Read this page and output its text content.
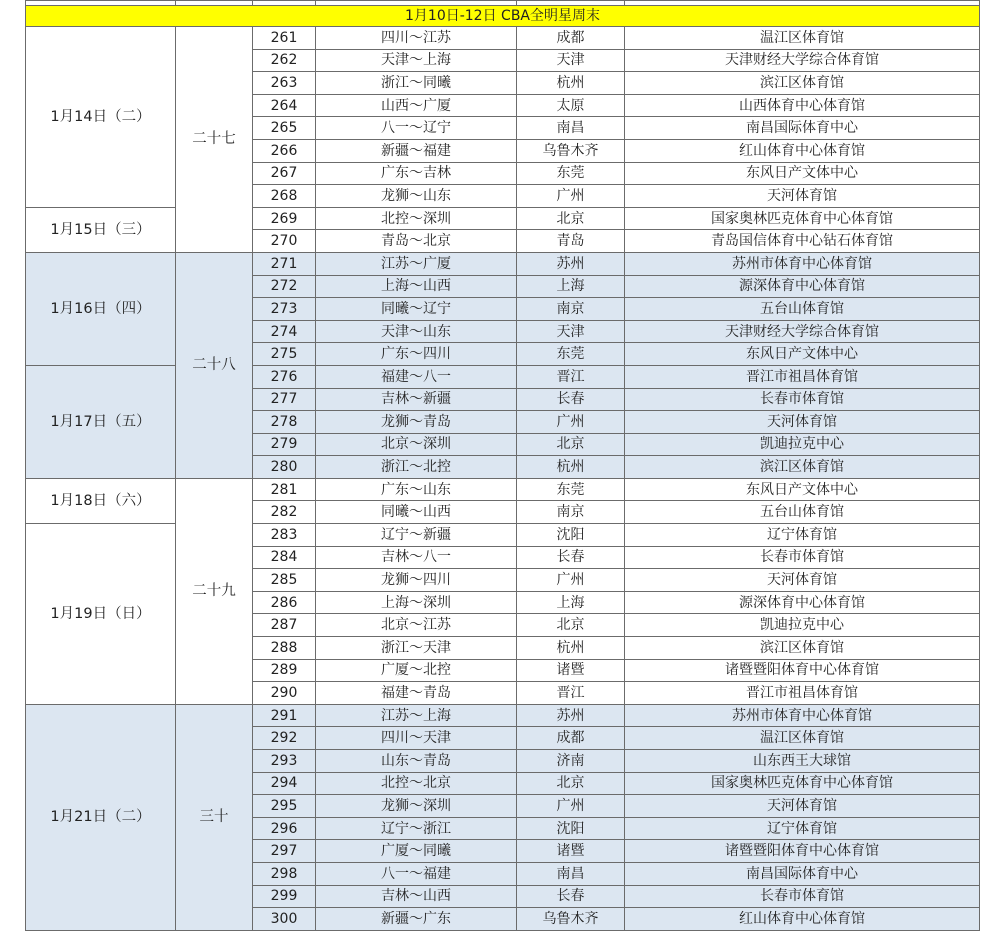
1月10日-12日 CBA全明星周末					
1月14日（二）	二十七	261	四川～江苏	成都	温江区体育馆
		262	天津～上海	天津	天津财经大学综合体育馆
		263	浙江～同曦	杭州	滨江区体育馆
		264	山西～广厦	太原	山西体育中心体育馆
		265	八一～辽宁	南昌	南昌国际体育中心
		266	新疆～福建	乌鲁木齐	红山体育中心体育馆
		267	广东～吉林	东莞	东风日产文体中心
		268	龙狮～山东	广州	天河体育馆
1月15日（三）		269	北控～深圳	北京	国家奥林匹克体育中心体育馆
		270	青岛～北京	青岛	青岛国信体育中心钻石体育馆
1月16日（四）	二十八	271	江苏～广厦	苏州	苏州市体育中心体育馆
		272	上海～山西	上海	源深体育中心体育馆
		273	同曦～辽宁	南京	五台山体育馆
		274	天津～山东	天津	天津财经大学综合体育馆
		275	广东～四川	东莞	东风日产文体中心
1月17日（五）		276	福建～八一	晋江	晋江市祖昌体育馆
		277	吉林～新疆	长春	长春市体育馆
		278	龙狮～青岛	广州	天河体育馆
		279	北京～深圳	北京	凯迪拉克中心
		280	浙江～北控	杭州	滨江区体育馆
1月18日（六）	二十九	281	广东～山东	东莞	东风日产文体中心
		282	同曦～山西	南京	五台山体育馆
1月19日（日）		283	辽宁～新疆	沈阳	辽宁体育馆
		284	吉林～八一	长春	长春市体育馆
		285	龙狮～四川	广州	天河体育馆
		286	上海～深圳	上海	源深体育中心体育馆
		287	北京～江苏	北京	凯迪拉克中心
		288	浙江～天津	杭州	滨江区体育馆
		289	广厦～北控	诸暨	诸暨暨阳体育中心体育馆
		290	福建～青岛	晋江	晋江市祖昌体育馆
1月21日（二）	三十	291	江苏～上海	苏州	苏州市体育中心体育馆
		292	四川～天津	成都	温江区体育馆
		293	山东～青岛	济南	山东西王大球馆
		294	北控～北京	北京	国家奥林匹克体育中心体育馆
		295	龙狮～深圳	广州	天河体育馆
		296	辽宁～浙江	沈阳	辽宁体育馆
		297	广厦～同曦	诸暨	诸暨暨阳体育中心体育馆
		298	八一～福建	南昌	南昌国际体育中心
		299	吉林～山西	长春	长春市体育馆
		300	新疆～广东	乌鲁木齐	红山体育中心体育馆
